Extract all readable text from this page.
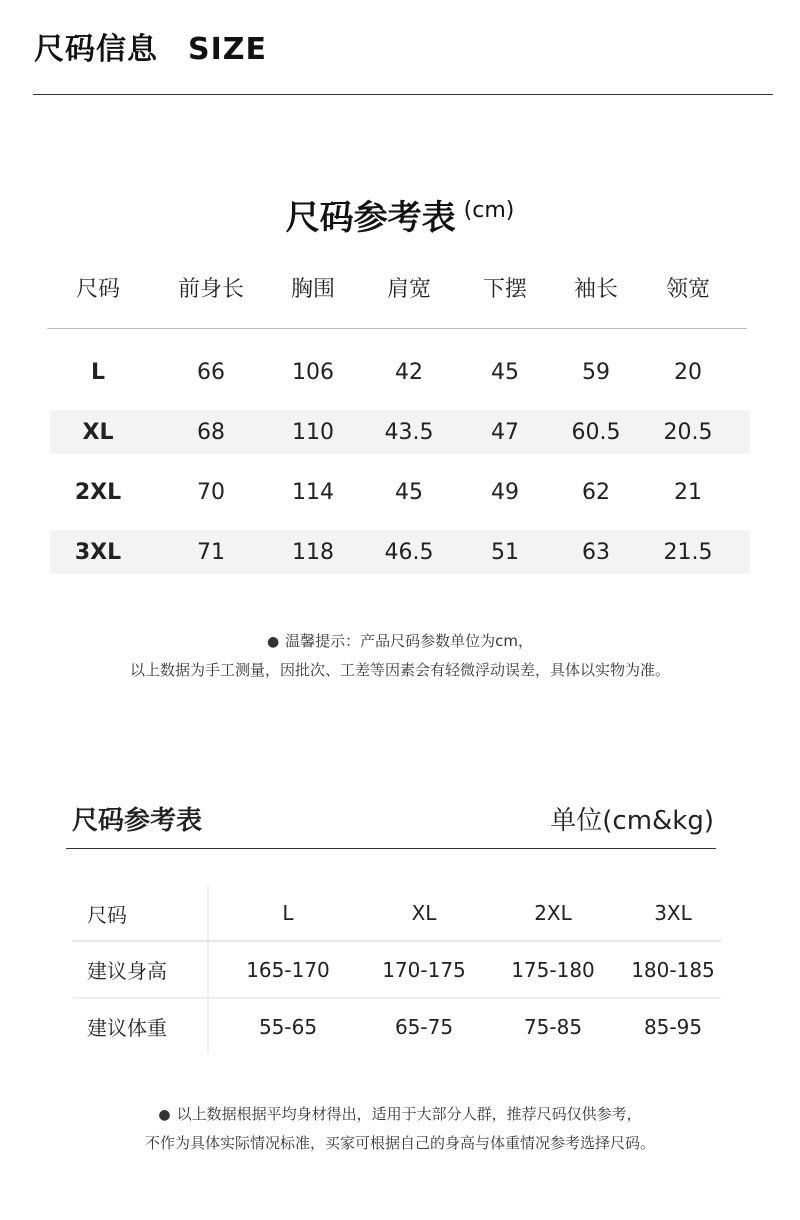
尺码信息 SIZE
尺码参考表 $^{(cm)}$
尺码	前身长	胸围	肩宽	下摆	袖长	领宽
L	66	106	42	45	59	20
XL	68	110	43.5	47	60.5	20.5
2XL	70	114	45	49	62	21
3XL	71	118	46.5	51	63	21.5
● 温馨提示：产品尺码参数单位为cm，
以上数据为手工测量，因批次、工差等因素会有轻微浮动误差，具体以实物为准。
尺码参考表	单位(cm&kg)
尺码	L	XL	2XL	3XL
建议身高	165-170	170-175	175-180	180-185
建议体重	55-65	65-75	75-85	85-95
● 以上数据根据平均身材得出，适用于大部分人群，推荐尺码仅供参考，
不作为具体实际情况标准，买家可根据自己的身高与体重情况参考选择尺码。
